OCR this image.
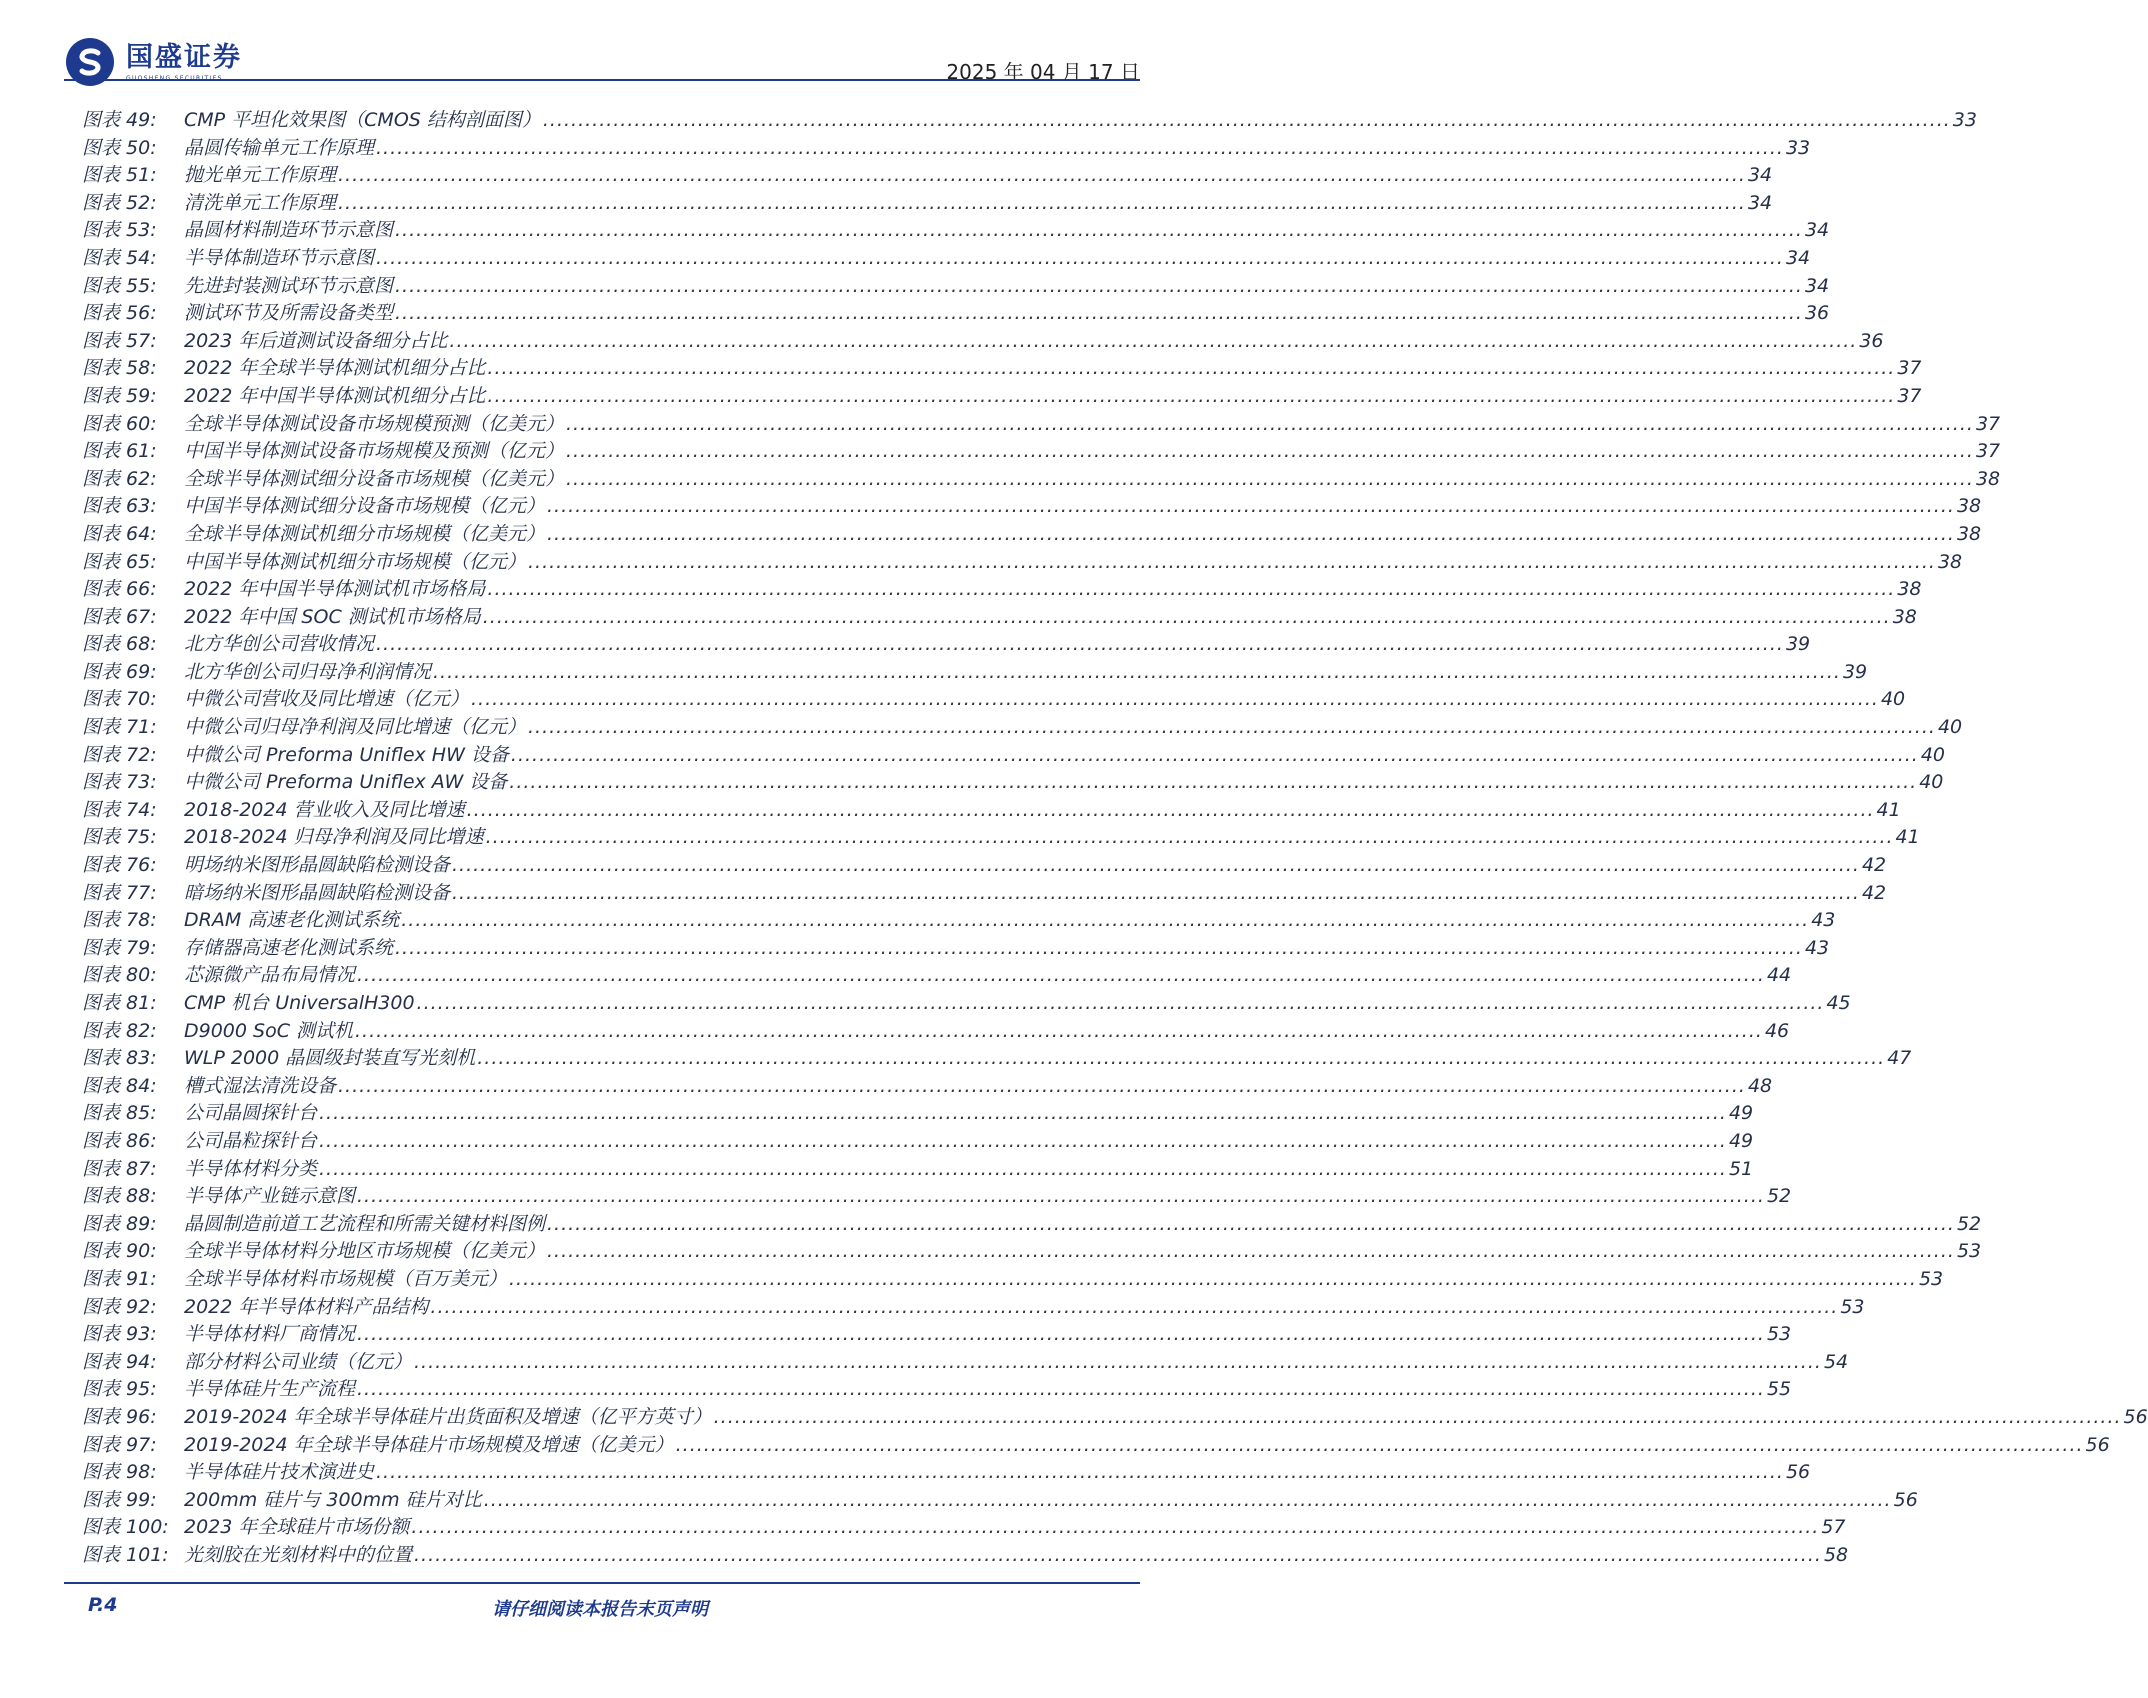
国盛证券
GUOSHENG SECURITIES	2025 年 04 月 17 日
图表 49:	CMP 平坦化效果图（CMOS 结构剖面图） ........................................................................................................................................................................................................ 33
图表 50:	晶圆传输单元工作原理 ........................................................................................................................................................................................................ 33
图表 51:	抛光单元工作原理 ........................................................................................................................................................................................................ 34
图表 52:	清洗单元工作原理 ........................................................................................................................................................................................................ 34
图表 53:	晶圆材料制造环节示意图 ........................................................................................................................................................................................................ 34
图表 54:	半导体制造环节示意图 ........................................................................................................................................................................................................ 34
图表 55:	先进封装测试环节示意图 ........................................................................................................................................................................................................ 34
图表 56:	测试环节及所需设备类型 ........................................................................................................................................................................................................ 36
图表 57:	2023 年后道测试设备细分占比 ........................................................................................................................................................................................................ 36
图表 58:	2022 年全球半导体测试机细分占比 ........................................................................................................................................................................................................ 37
图表 59:	2022 年中国半导体测试机细分占比 ........................................................................................................................................................................................................ 37
图表 60:	全球半导体测试设备市场规模预测（亿美元） ........................................................................................................................................................................................................ 37
图表 61:	中国半导体测试设备市场规模及预测（亿元） ........................................................................................................................................................................................................ 37
图表 62:	全球半导体测试细分设备市场规模（亿美元） ........................................................................................................................................................................................................ 38
图表 63:	中国半导体测试细分设备市场规模（亿元） ........................................................................................................................................................................................................ 38
图表 64:	全球半导体测试机细分市场规模（亿美元） ........................................................................................................................................................................................................ 38
图表 65:	中国半导体测试机细分市场规模（亿元） ........................................................................................................................................................................................................ 38
图表 66:	2022 年中国半导体测试机市场格局 ........................................................................................................................................................................................................ 38
图表 67:	2022 年中国 SOC 测试机市场格局 ........................................................................................................................................................................................................ 38
图表 68:	北方华创公司营收情况 ........................................................................................................................................................................................................ 39
图表 69:	北方华创公司归母净利润情况 ........................................................................................................................................................................................................ 39
图表 70:	中微公司营收及同比增速（亿元） ........................................................................................................................................................................................................ 40
图表 71:	中微公司归母净利润及同比增速（亿元） ........................................................................................................................................................................................................ 40
图表 72:	中微公司 Preforma Uniflex HW 设备 ........................................................................................................................................................................................................ 40
图表 73:	中微公司 Preforma Uniflex AW 设备 ........................................................................................................................................................................................................ 40
图表 74:	2018-2024 营业收入及同比增速 ........................................................................................................................................................................................................ 41
图表 75:	2018-2024 归母净利润及同比增速 ........................................................................................................................................................................................................ 41
图表 76:	明场纳米图形晶圆缺陷检测设备 ........................................................................................................................................................................................................ 42
图表 77:	暗场纳米图形晶圆缺陷检测设备 ........................................................................................................................................................................................................ 42
图表 78:	DRAM 高速老化测试系统 ........................................................................................................................................................................................................ 43
图表 79:	存储器高速老化测试系统 ........................................................................................................................................................................................................ 43
图表 80:	芯源微产品布局情况 ........................................................................................................................................................................................................ 44
图表 81:	CMP 机台 UniversalH300 ........................................................................................................................................................................................................ 45
图表 82:	D9000 SoC 测试机 ........................................................................................................................................................................................................ 46
图表 83:	WLP 2000 晶圆级封装直写光刻机 ........................................................................................................................................................................................................ 47
图表 84:	槽式湿法清洗设备 ........................................................................................................................................................................................................ 48
图表 85:	公司晶圆探针台 ........................................................................................................................................................................................................ 49
图表 86:	公司晶粒探针台 ........................................................................................................................................................................................................ 49
图表 87:	半导体材料分类 ........................................................................................................................................................................................................ 51
图表 88:	半导体产业链示意图 ........................................................................................................................................................................................................ 52
图表 89:	晶圆制造前道工艺流程和所需关键材料图例 ........................................................................................................................................................................................................ 52
图表 90:	全球半导体材料分地区市场规模（亿美元） ........................................................................................................................................................................................................ 53
图表 91:	全球半导体材料市场规模（百万美元） ........................................................................................................................................................................................................ 53
图表 92:	2022 年半导体材料产品结构 ........................................................................................................................................................................................................ 53
图表 93:	半导体材料厂商情况 ........................................................................................................................................................................................................ 53
图表 94:	部分材料公司业绩（亿元） ........................................................................................................................................................................................................ 54
图表 95:	半导体硅片生产流程 ........................................................................................................................................................................................................ 55
图表 96:	2019-2024 年全球半导体硅片出货面积及增速（亿平方英寸） ........................................................................................................................................................................................................ 56
图表 97:	2019-2024 年全球半导体硅片市场规模及增速（亿美元） ........................................................................................................................................................................................................ 56
图表 98:	半导体硅片技术演进史 ........................................................................................................................................................................................................ 56
图表 99:	200mm 硅片与 300mm 硅片对比 ........................................................................................................................................................................................................ 56
图表 100: 2023 年全球硅片市场份额 ........................................................................................................................................................................................................ 57
图表 101: 光刻胶在光刻材料中的位置 ........................................................................................................................................................................................................ 58
P.4	请仔细阅读本报告末页声明
